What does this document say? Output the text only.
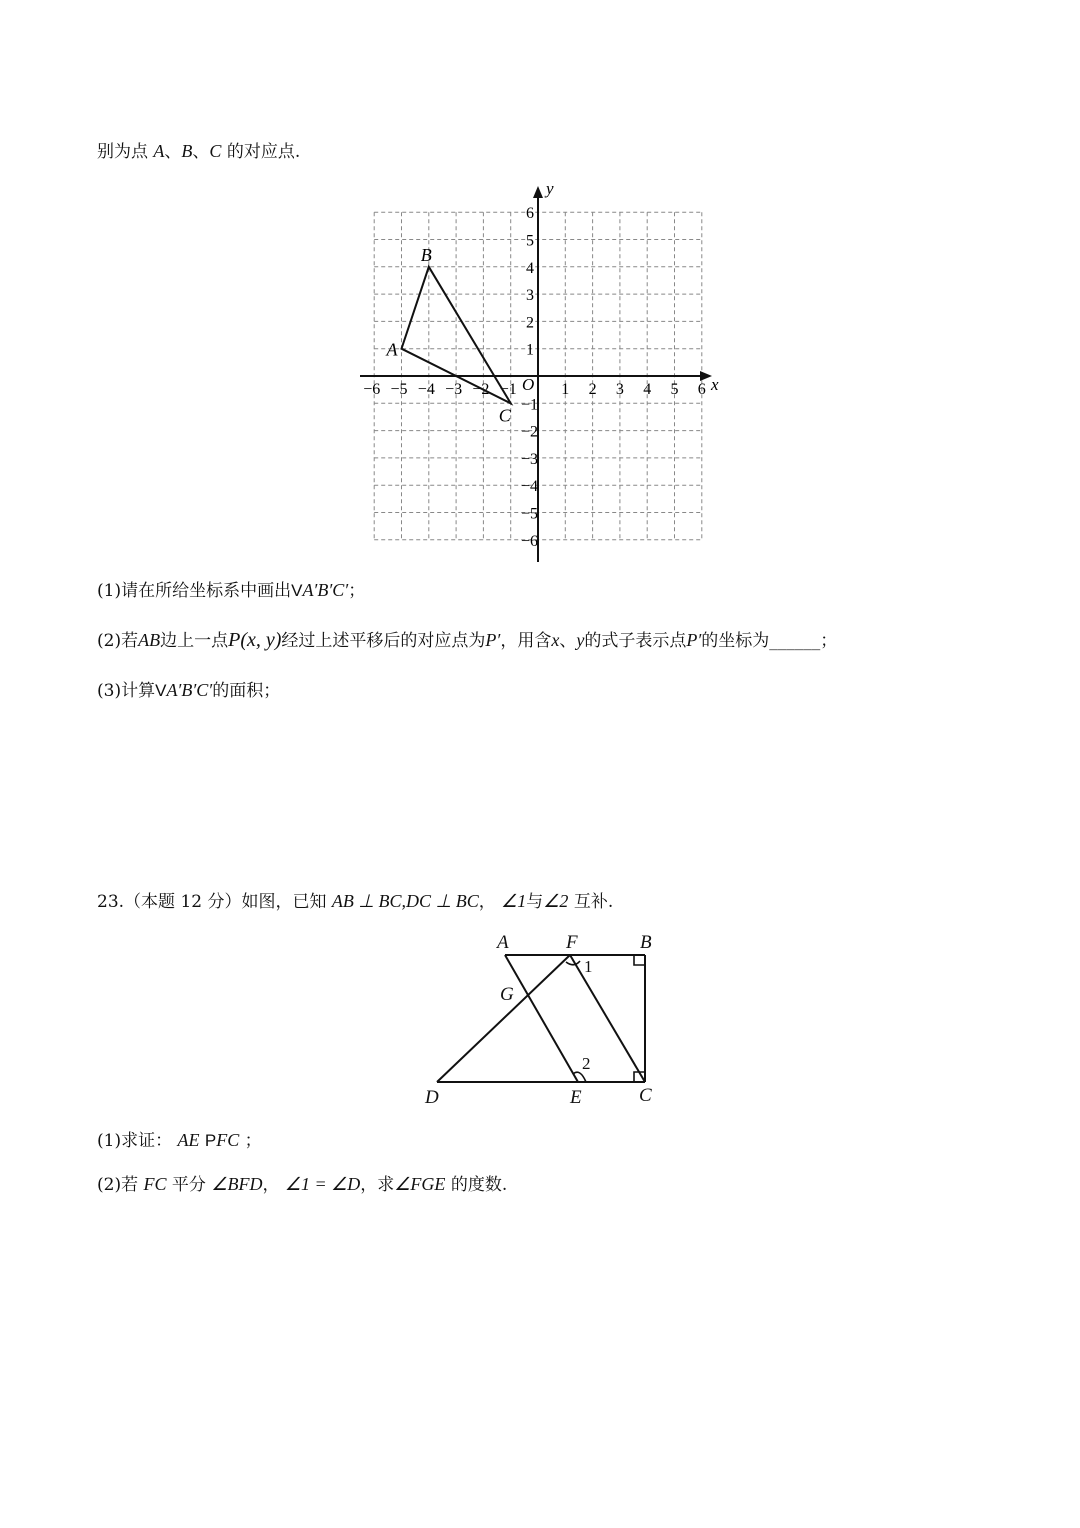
别为点 A、B、C 的对应点.
x
y
O
−6 −5 −4 −3 −2 −1	1 2 3 4 5 6
6
5
4
3
2
1
−1
−2
−3
−4
−5
−6
A
B
C
(1)请在所给坐标系中画出VA′B′C′；
(2)若AB边上一点P(x, y)经过上述平移后的对应点为P′，用含x、y的式子表示点P′的坐标为______；
(3)计算VA′B′C′的面积；
23.（本题 12 分）如图，已知 AB ⊥ BC,DC ⊥ BC， ∠1与∠2 互补.
A	F	B
G
D	E	C
1
2
(1)求证： AE PFC ；
(2)若 FC 平分 ∠BFD， ∠1 = ∠D，求∠FGE 的度数.
